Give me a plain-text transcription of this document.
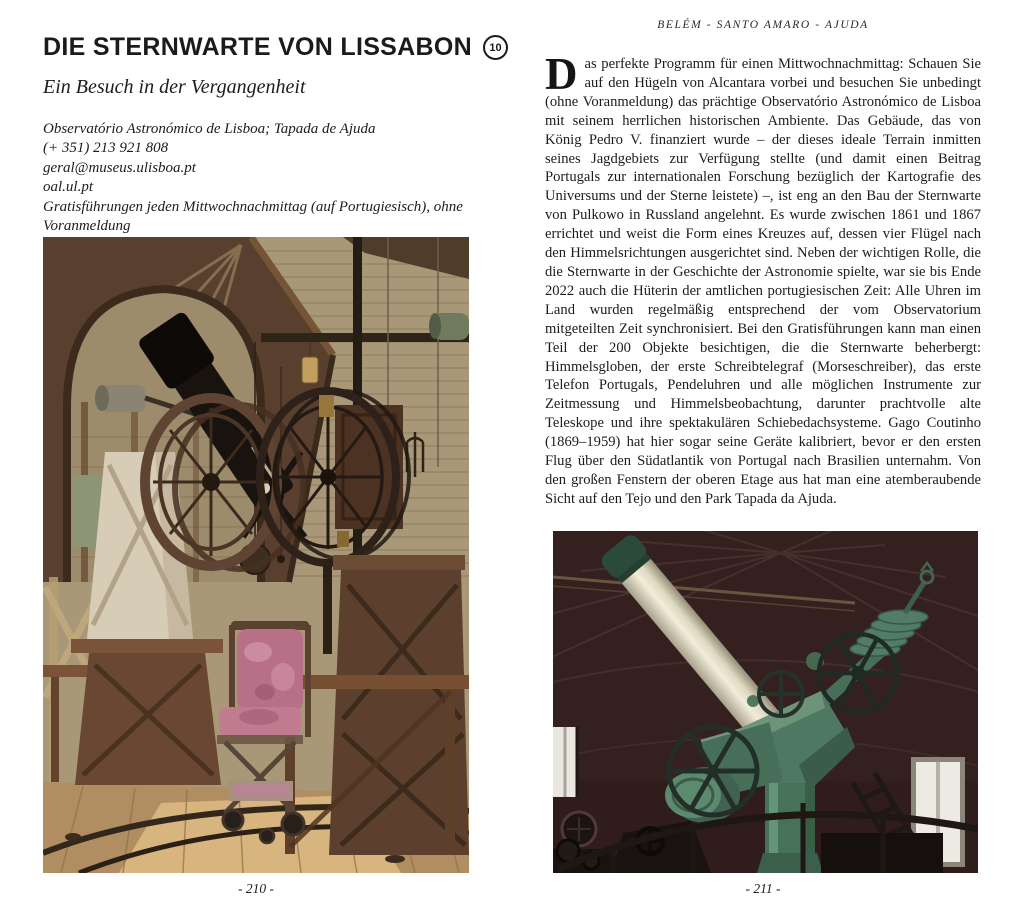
DIE STERNWARTE VON LISSABON 10
Ein Besuch in der Vergangenheit
Observatório Astronómico de Lisboa; Tapada de Ajuda
(+ 351) 213 921 808
geral@museus.ulisboa.pt
oal.ul.pt
Gratisführungen jeden Mittwochnachmittag (auf Portugiesisch), ohne Voranmeldung
- 210 -
BELÉM - SANTO AMARO - AJUDA

Das perfekte Programm für einen Mittwochnachmittag: Schauen Sie auf den Hügeln von Alcantara vorbei und besuchen Sie unbedingt (ohne Voranmeldung) das prächtige Observatório Astronómico de Lisboa mit seinem herrlichen historischen Ambiente. Das Gebäude, das von König Pedro V. finanziert wurde – der dieses ideale Terrain inmitten seines Jagdgebiets zur Verfügung stellte (und damit einen Beitrag Portugals zur internationalen Forschung bezüglich der Kartografie des Universums und der Sterne leistete) –, ist eng an den Bau der Sternwarte von Pulkowo in Russland angelehnt. Es wurde zwischen 1861 und 1867 errichtet und weist die Form eines Kreuzes auf, dessen vier Flügel nach den Himmelsrichtungen ausgerichtet sind. Neben der wichtigen Rolle, die die Sternwarte in der Geschichte der Astronomie spielte, war sie bis Ende 2022 auch die Hüterin der amtlichen portugiesischen Zeit: Alle Uhren im Land wurden regelmäßig entsprechend der vom Observatorium mitgeteilten Zeit synchronisiert. Bei den Gratisführungen kann man einen Teil der 200 Objekte besichtigen, die die Sternwarte beherbergt: Himmelsgloben, der erste Schreibtelegraf (Morseschreiber), das erste Telefon Portugals, Pendeluhren und alle möglichen Instrumente zur Zeitmessung und Himmelsbeobachtung, darunter prachtvolle alte Teleskope und ihre spektakulären Schiebedachsysteme. Gago Coutinho (1869–1959) hat hier sogar seine Geräte kalibriert, bevor er den ersten Flug über den Südatlantik von Portugal nach Brasilien unternahm. Von den großen Fenstern der oberen Etage aus hat man eine atemberaubende Sicht auf den Tejo und den Park Tapada da Ajuda.

- 211 -
